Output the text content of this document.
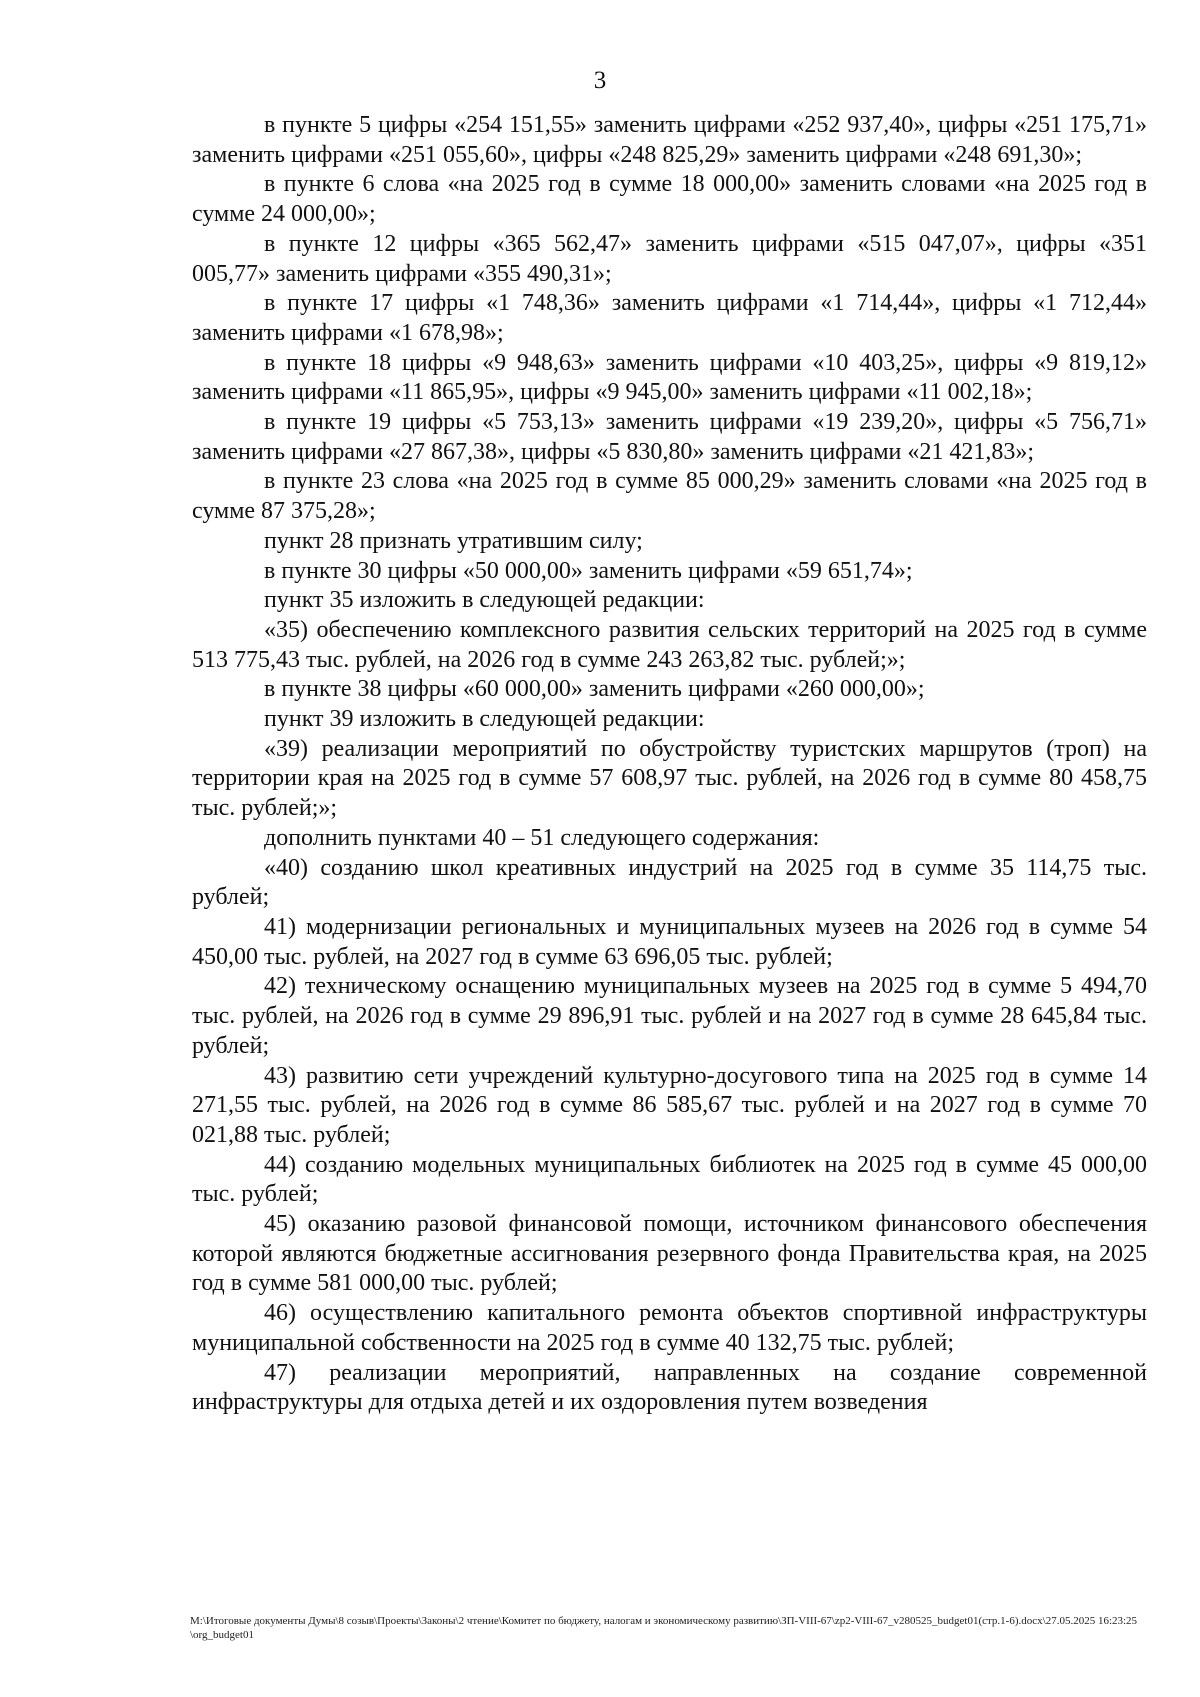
3

в пункте 5 цифры «254 151,55» заменить цифрами «252 937,40», цифры «251 175,71» заменить цифрами «251 055,60», цифры «248 825,29» заменить цифрами «248 691,30»;

в пункте 6 слова «на 2025 год в сумме 18 000,00» заменить словами «на 2025 год в сумме 24 000,00»;

в пункте 12 цифры «365 562,47» заменить цифрами «515 047,07», цифры «351 005,77» заменить цифрами «355 490,31»;

в пункте 17 цифры «1 748,36» заменить цифрами «1 714,44», цифры «1 712,44» заменить цифрами «1 678,98»;

в пункте 18 цифры «9 948,63» заменить цифрами «10 403,25», цифры «9 819,12» заменить цифрами «11 865,95», цифры «9 945,00» заменить цифрами «11 002,18»;

в пункте 19 цифры «5 753,13» заменить цифрами «19 239,20», цифры «5 756,71» заменить цифрами «27 867,38», цифры «5 830,80» заменить цифрами «21 421,83»;

в пункте 23 слова «на 2025 год в сумме 85 000,29» заменить словами «на 2025 год в сумме 87 375,28»;

пункт 28 признать утратившим силу;

в пункте 30 цифры «50 000,00» заменить цифрами «59 651,74»;

пункт 35 изложить в следующей редакции:

«35) обеспечению комплексного развития сельских территорий на 2025 год в сумме 513 775,43 тыс. рублей, на 2026 год в сумме 243 263,82 тыс. рублей;»;

в пункте 38 цифры «60 000,00» заменить цифрами «260 000,00»;

пункт 39 изложить в следующей редакции:

«39) реализации мероприятий по обустройству туристских маршрутов (троп) на территории края на 2025 год в сумме 57 608,97 тыс. рублей, на 2026 год в сумме 80 458,75 тыс. рублей;»;

дополнить пунктами 40 – 51 следующего содержания:

«40) созданию школ креативных индустрий на 2025 год в сумме 35 114,75 тыс. рублей;

41) модернизации региональных и муниципальных музеев на 2026 год в сумме 54 450,00 тыс. рублей, на 2027 год в сумме 63 696,05 тыс. рублей;

42) техническому оснащению муниципальных музеев на 2025 год в сумме 5 494,70 тыс. рублей, на 2026 год в сумме 29 896,91 тыс. рублей и на 2027 год в сумме 28 645,84 тыс. рублей;

43) развитию сети учреждений культурно-досугового типа на 2025 год в сумме 14 271,55 тыс. рублей, на 2026 год в сумме 86 585,67 тыс. рублей и на 2027 год в сумме 70 021,88 тыс. рублей;

44) созданию модельных муниципальных библиотек на 2025 год в сумме 45 000,00 тыс. рублей;

45) оказанию разовой финансовой помощи, источником финансового обеспечения которой являются бюджетные ассигнования резервного фонда Правительства края, на 2025 год в сумме 581 000,00 тыс. рублей;

46) осуществлению капитального ремонта объектов спортивной инфраструктуры муниципальной собственности на 2025 год в сумме 40 132,75 тыс. рублей;

47) реализации мероприятий, направленных на создание современной инфраструктуры для отдыха детей и их оздоровления путем возведения

M:\Итоговые документы Думы\8 созыв\Проекты\Законы\2 чтение\Комитет по бюджету, налогам и экономическому развитию\ЗП-VIII-67\zp2-VIII-67_v280525_budget01(стр.1-6).docx\27.05.2025 16:23:25\org_budget01
